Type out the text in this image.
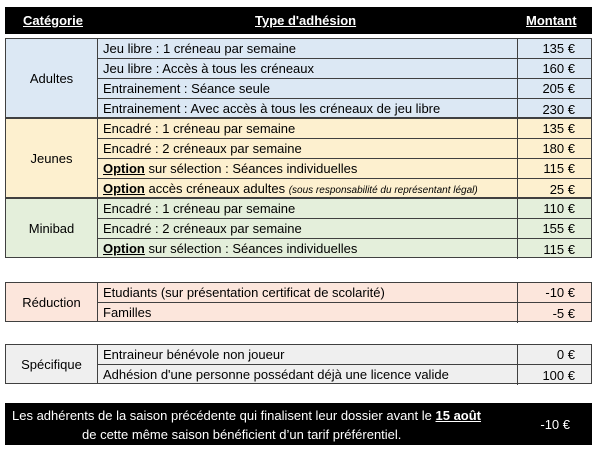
Catégorie	Type d'adhésion	Montant
Adultes
Jeu libre : 1 créneau par semaine	135 €
Jeu libre : Accès à tous les créneaux	160 €
Entrainement : Séance seule	205 €
Entrainement : Avec accès à tous les créneaux de jeu libre	230 €
Jeunes
Encadré : 1 créneau par semaine	135 €
Encadré : 2 créneaux par semaine	180 €
Option sur sélection : Séances individuelles	115 €
Option accès créneaux adultes (sous responsabilité du représentant légal)	25 €
Minibad
Encadré : 1 créneau par semaine	110 €
Encadré : 2 créneaux par semaine	155 €
Option sur sélection : Séances individuelles	115 €
Réduction
Etudiants (sur présentation certificat de scolarité)	-10 €
Familles	-5 €
Spécifique
Entraineur bénévole non joueur	0 €
Adhésion d'une personne possédant déjà une licence valide	100 €
Les adhérents de la saison précédente qui finalisent leur dossier avant le 15 août
de cette même saison bénéficient d’un tarif préférentiel.
-10 €
